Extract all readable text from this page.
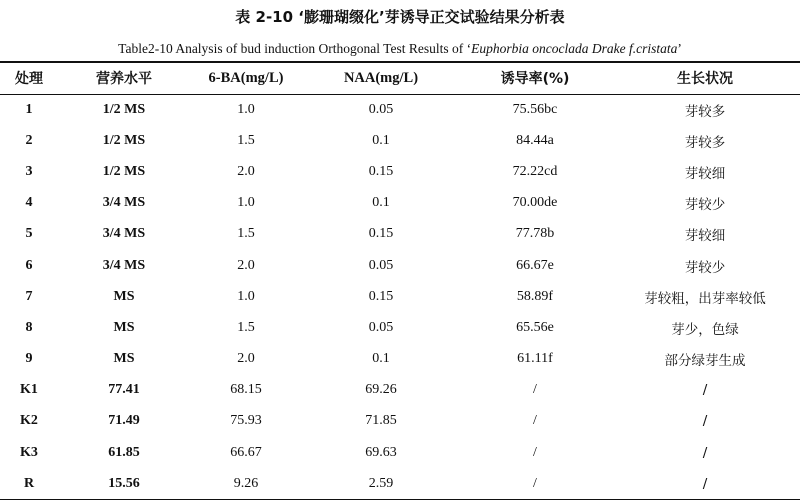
表 2-10 ‘膨珊瑚缀化’芽诱导正交试验结果分析表
Table2-10 Analysis of bud induction Orthogonal Test Results of ‘Euphorbia oncoclada Drake f.cristata’
处理	营养水平	6-BA(mg/L)	NAA(mg/L)	诱导率(%)	生长状况
1	1/2 MS	1.0	0.05	75.56bc	芽较多
2	1/2 MS	1.5	0.1	84.44a	芽较多
3	1/2 MS	2.0	0.15	72.22cd	芽较细
4	3/4 MS	1.0	0.1	70.00de	芽较少
5	3/4 MS	1.5	0.15	77.78b	芽较细
6	3/4 MS	2.0	0.05	66.67e	芽较少
7	MS	1.0	0.15	58.89f	芽较粗，出芽率较低
8	MS	1.5	0.05	65.56e	芽少，色绿
9	MS	2.0	0.1	61.11f	部分绿芽生成
K1	77.41	68.15	69.26	/	/
K2	71.49	75.93	71.85	/	/
K3	61.85	66.67	69.63	/	/
R	15.56	9.26	2.59	/	/
